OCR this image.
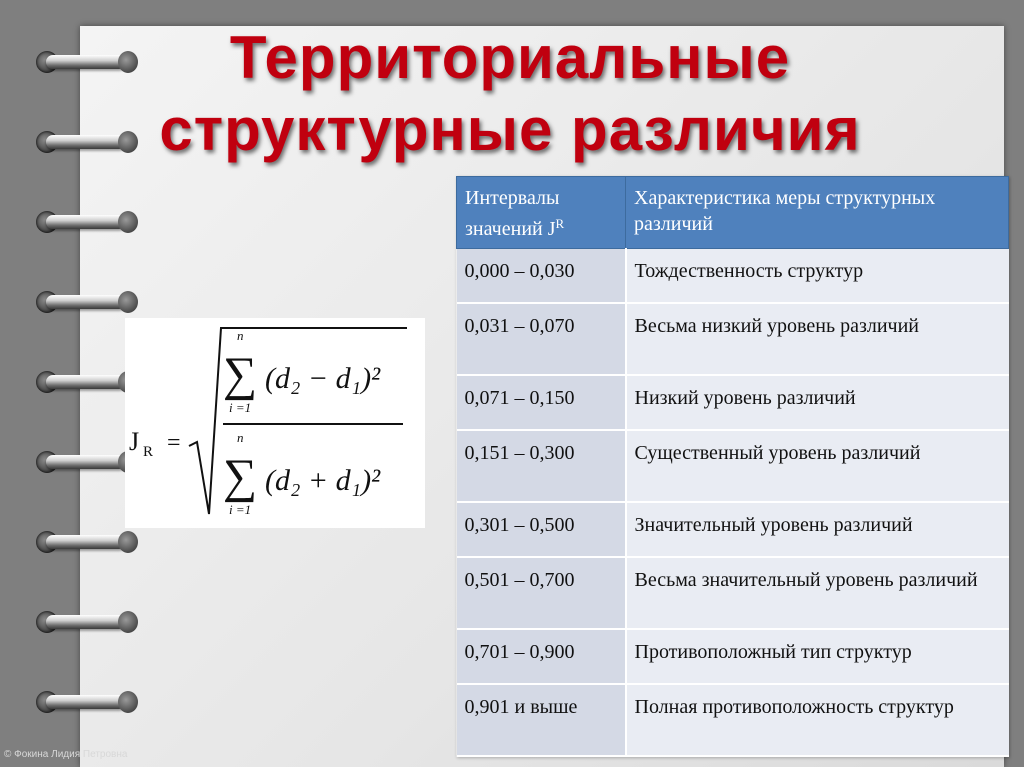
Территориальные
структурные различия
J R =
n
∑
i =1
(d₂ − d₁)²
n
∑
i =1
(d₂ + d₁)²
Интервалы значений $J^R$	Характеристика меры структурных различий
0,000 – 0,030	Тождественность структур
0,031 – 0,070	Весьма низкий уровень различий
0,071 – 0,150	Низкий уровень различий
0,151 – 0,300	Существенный уровень различий
0,301 – 0,500	Значительный уровень различий
0,501 – 0,700	Весьма значительный уровень различий
0,701 – 0,900	Противоположный тип структур
0,901 и выше	Полная противоположность структур
© Фокина Лидия Петровна
